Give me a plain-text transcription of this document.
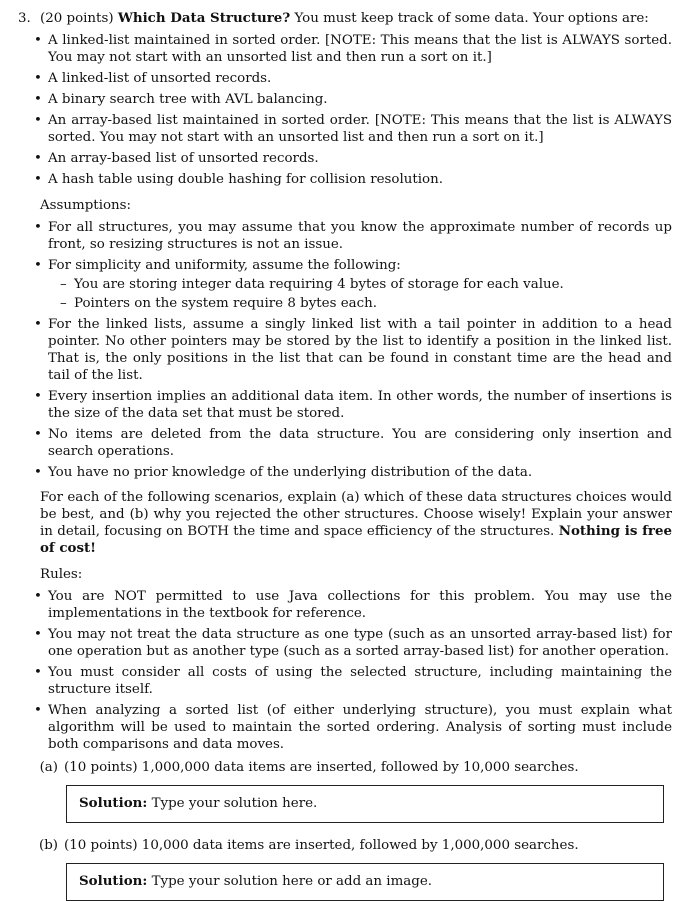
3. (20 points) Which Data Structure? You must keep track of some data. Your options are:
• A linked-list maintained in sorted order. [NOTE: This means that the list is ALWAYS sorted. You may not start with an unsorted list and then run a sort on it.]
• A linked-list of unsorted records.
• A binary search tree with AVL balancing.
• An array-based list maintained in sorted order. [NOTE: This means that the list is ALWAYS sorted. You may not start with an unsorted list and then run a sort on it.]
• An array-based list of unsorted records.
• A hash table using double hashing for collision resolution.
Assumptions:
• For all structures, you may assume that you know the approximate number of records up front, so resizing structures is not an issue.
• For simplicity and uniformity, assume the following:
– You are storing integer data requiring 4 bytes of storage for each value.
– Pointers on the system require 8 bytes each.
• For the linked lists, assume a singly linked list with a tail pointer in addition to a head pointer. No other pointers may be stored by the list to identify a position in the linked list. That is, the only positions in the list that can be found in constant time are the head and tail of the list.
• Every insertion implies an additional data item. In other words, the number of insertions is the size of the data set that must be stored.
• No items are deleted from the data structure. You are considering only insertion and search operations.
• You have no prior knowledge of the underlying distribution of the data.
For each of the following scenarios, explain (a) which of these data structures choices would be best, and (b) why you rejected the other structures. Choose wisely! Explain your answer in detail, focusing on BOTH the time and space efficiency of the structures. Nothing is free of cost!
Rules:
• You are NOT permitted to use Java collections for this problem. You may use the implementations in the textbook for reference.
• You may not treat the data structure as one type (such as an unsorted array-based list) for one operation but as another type (such as a sorted array-based list) for another operation.
• You must consider all costs of using the selected structure, including maintaining the structure itself.
• When analyzing a sorted list (of either underlying structure), you must explain what algorithm will be used to maintain the sorted ordering. Analysis of sorting must include both comparisons and data moves.
(a) (10 points) 1,000,000 data items are inserted, followed by 10,000 searches.
Solution: Type your solution here.
(b) (10 points) 10,000 data items are inserted, followed by 1,000,000 searches.
Solution: Type your solution here or add an image.
